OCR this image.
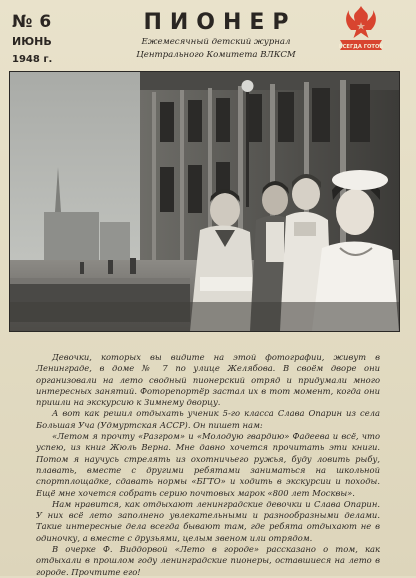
№ 6
ИЮНЬ
1948 г.
ПИОНЕР
Ежемесячный детский журнал
Центрального Комитета ВЛКСМ
ВСЕГДА ГОТОВ

Девочки, которых вы видите на этой фотографии, живут в Ленинграде, в доме № 7 по улице Желябова. В своём дворе они организовали на лето сводный пионерский отряд и придумали много интересных занятий. Фоторепортёр застал их в тот момент, когда они пришли на экскурсию к Зимнему дворцу.

А вот как решил отдыхать ученик 5-го класса Слава Опарин из села Большая Уча (Удмуртская АССР). Он пишет нам:

«Летом я прочту «Разгром» и «Молодую гвардию» Фадеева и всё, что успею, из книг Жюль Верна. Мне давно хочется прочитать эти книги. Потом я научусь стрелять из охотничьего ружья, буду ловить рыбу, плавать, вместе с другими ребятами заниматься на школьной спортплощадке, сдавать нормы «БГТО» и ходить в экскурсии и походы. Ещё мне хочется собрать серию почтовых марок «800 лет Москвы».

Нам нравится, как отдыхают ленинградские девочки и Слава Опарин. У них всё лето заполнено увлекательными и разнообразными делами. Такие интересные дела всегда бывают там, где ребята отдыхают не в одиночку, а вместе с друзьями, целым звеном или отрядом.

В очерке Ф. Виддорвой «Лето в городе» рассказано о том, как отдыхали в прошлом году ленинградские пионеры, оставшиеся на лето в городе. Прочтите его!
